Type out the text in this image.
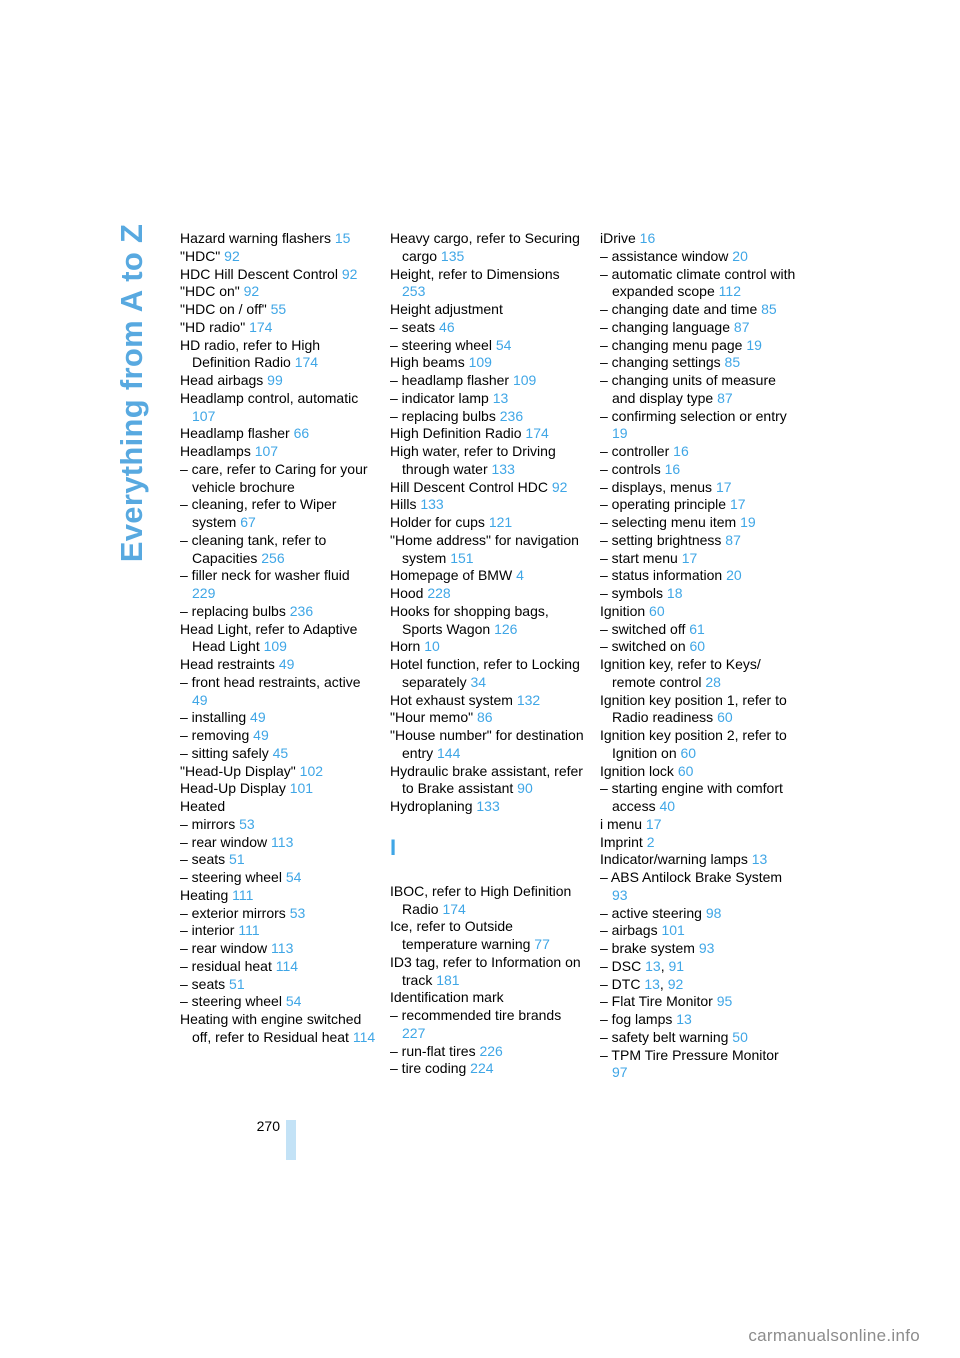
Everything from A to Z Hazard warning flashers 15
"HDC" 92
HDC Hill Descent Control 92
"HDC on" 92
"HDC on / off" 55
"HD radio" 174
HD radio, refer to High Definition Radio 174
Head airbags 99
Headlamp control, automatic 107
Headlamp flasher 66
Headlamps 107
– care, refer to Caring for your vehicle brochure
– cleaning, refer to Wiper system 67
– cleaning tank, refer to Capacities 256
– filler neck for washer fluid 229
– replacing bulbs 236
Head Light, refer to Adaptive Head Light 109
Head restraints 49
– front head restraints, active 49
– installing 49
– removing 49
– sitting safely 45
"Head-Up Display" 102
Head-Up Display 101
Heated
– mirrors 53
– rear window 113
– seats 51
– steering wheel 54
Heating 111
– exterior mirrors 53
– interior 111
– rear window 113
– residual heat 114
– seats 51
– steering wheel 54
Heating with engine switched off, refer to Residual heat 114
Heavy cargo, refer to Securing cargo 135
Height, refer to Dimensions 253
Height adjustment
– seats 46
– steering wheel 54
High beams 109
– headlamp flasher 109
– indicator lamp 13
– replacing bulbs 236
High Definition Radio 174
High water, refer to Driving through water 133
Hill Descent Control HDC 92
Hills 133
Holder for cups 121
"Home address" for navigation system 151
Homepage of BMW 4
Hood 228
Hooks for shopping bags, Sports Wagon 126
Horn 10
Hotel function, refer to Locking separately 34
Hot exhaust system 132
"Hour memo" 86
"House number" for destination entry 144
Hydraulic brake assistant, refer to Brake assistant 90
Hydroplaning 133
I
IBOC, refer to High Definition Radio 174
Ice, refer to Outside temperature warning 77
ID3 tag, refer to Information on track 181
Identification mark
– recommended tire brands 227
– run-flat tires 226
– tire coding 224
iDrive 16
– assistance window 20
– automatic climate control with expanded scope 112
– changing date and time 85
– changing language 87
– changing menu page 19
– changing settings 85
– changing units of measure and display type 87
– confirming selection or entry 19
– controller 16
– controls 16
– displays, menus 17
– operating principle 17
– selecting menu item 19
– setting brightness 87
– start menu 17
– status information 20
– symbols 18
Ignition 60
– switched off 61
– switched on 60
Ignition key, refer to Keys/ remote control 28
Ignition key position 1, refer to Radio readiness 60
Ignition key position 2, refer to Ignition on 60
Ignition lock 60
– starting engine with comfort access 40
i menu 17
Imprint 2
Indicator/warning lamps 13
– ABS Antilock Brake System 93
– active steering 98
– airbags 101
– brake system 93
– DSC 13, 91
– DTC 13, 92
– Flat Tire Monitor 95
– fog lamps 13
– safety belt warning 50
– TPM Tire Pressure Monitor 97
270
carmanualsonline.info
